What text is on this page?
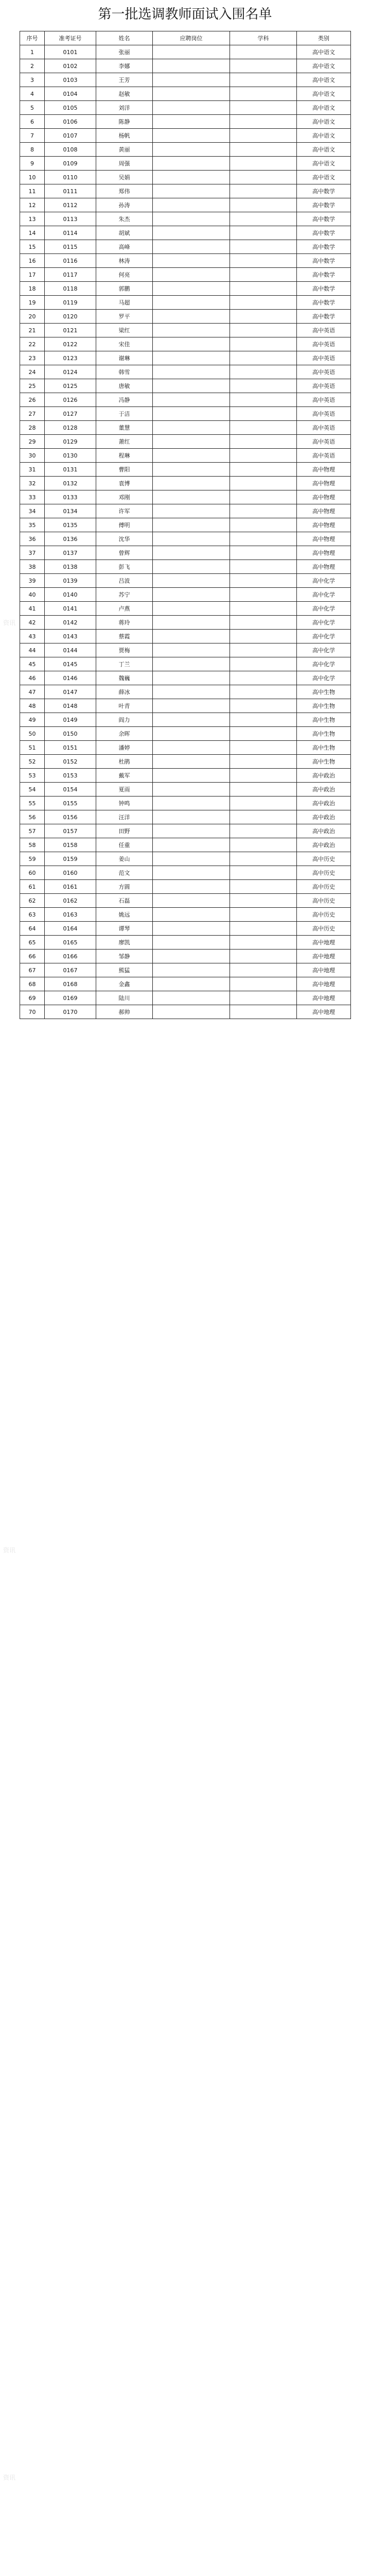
第一批选调教师面试入围名单
序号	准考证号	姓名	应聘岗位	学科	类别
1	0101	张丽			高中语文
2	0102	李娜			高中语文
3	0103	王芳			高中语文
4	0104	赵敏			高中语文
5	0105	刘洋			高中语文
6	0106	陈静			高中语文
7	0107	杨帆			高中语文
8	0108	黄丽			高中语文
9	0109	周强			高中语文
10	0110	吴娟			高中语文
11	0111	郑伟			高中数学
12	0112	孙涛			高中数学
13	0113	朱杰			高中数学
14	0114	胡斌			高中数学
15	0115	高峰			高中数学
16	0116	林涛			高中数学
17	0117	何亮			高中数学
18	0118	郭鹏			高中数学
19	0119	马超			高中数学
20	0120	罗平			高中数学
21	0121	梁红			高中英语
22	0122	宋佳			高中英语
23	0123	谢琳			高中英语
24	0124	韩雪			高中英语
25	0125	唐敏			高中英语
26	0126	冯静			高中英语
27	0127	于洁			高中英语
28	0128	董慧			高中英语
29	0129	萧红			高中英语
30	0130	程琳			高中英语
31	0131	曹阳			高中物理
32	0132	袁博			高中物理
33	0133	邓刚			高中物理
34	0134	许军			高中物理
35	0135	傅明			高中物理
36	0136	沈华			高中物理
37	0137	曾辉			高中物理
38	0138	彭飞			高中物理
39	0139	吕波			高中化学
40	0140	苏宁			高中化学
41	0141	卢燕			高中化学
42	0142	蒋玲			高中化学
43	0143	蔡霞			高中化学
44	0144	贾梅			高中化学
45	0145	丁兰			高中化学
46	0146	魏巍			高中化学
47	0147	薛冰			高中生物
48	0148	叶青			高中生物
49	0149	阎力			高中生物
50	0150	余晖			高中生物
51	0151	潘婷			高中生物
52	0152	杜鹃			高中生物
53	0153	戴军			高中政治
54	0154	夏雨			高中政治
55	0155	钟鸣			高中政治
56	0156	汪洋			高中政治
57	0157	田野			高中政治
58	0158	任重			高中政治
59	0159	姜山			高中历史
60	0160	范文			高中历史
61	0161	方圆			高中历史
62	0162	石磊			高中历史
63	0163	姚远			高中历史
64	0164	谭琴			高中历史
65	0165	廖凯			高中地理
66	0166	邹静			高中地理
67	0167	熊猛			高中地理
68	0168	金鑫			高中地理
69	0169	陆川			高中地理
70	0170	郝帅			高中地理
资讯
资讯
资讯
